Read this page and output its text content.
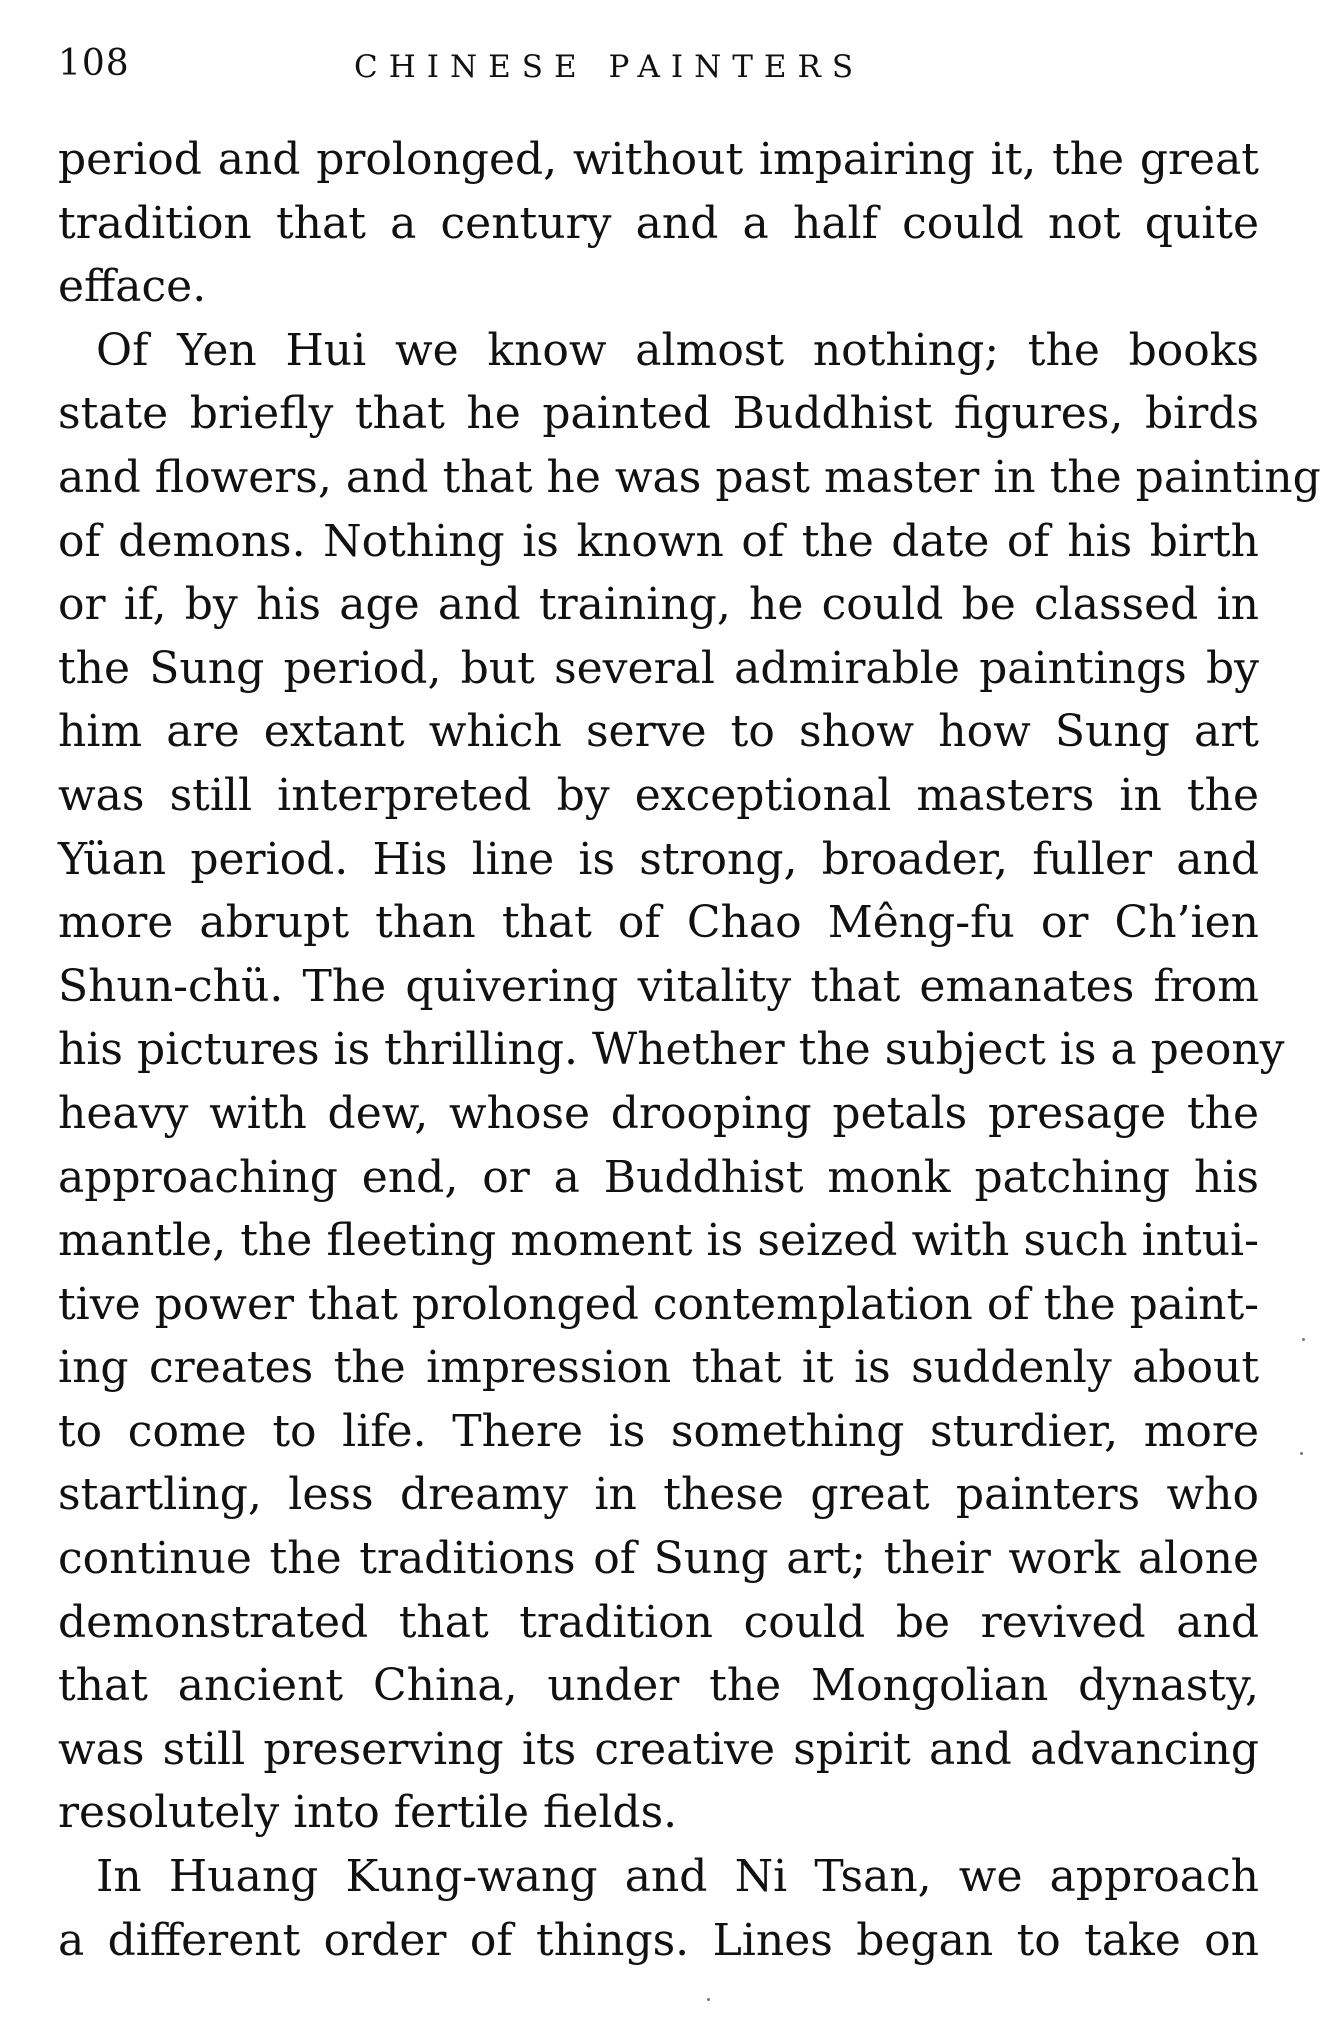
108	CHINESE PAINTERS
period and prolonged, without impairing it, the great
tradition that a century and a half could not quite
efface.
Of Yen Hui we know almost nothing; the books
state briefly that he painted Buddhist figures, birds
and flowers, and that he was past master in the painting
of demons. Nothing is known of the date of his birth
or if, by his age and training, he could be classed in
the Sung period, but several admirable paintings by
him are extant which serve to show how Sung art
was still interpreted by exceptional masters in the
Yüan period. His line is strong, broader, fuller and
more abrupt than that of Chao Mêng-fu or Ch’ien
Shun-chü. The quivering vitality that emanates from
his pictures is thrilling. Whether the subject is a peony
heavy with dew, whose drooping petals presage the
approaching end, or a Buddhist monk patching his
mantle, the fleeting moment is seized with such intui-
tive power that prolonged contemplation of the paint-
ing creates the impression that it is suddenly about
to come to life. There is something sturdier, more
startling, less dreamy in these great painters who
continue the traditions of Sung art; their work alone
demonstrated that tradition could be revived and
that ancient China, under the Mongolian dynasty,
was still preserving its creative spirit and advancing
resolutely into fertile fields.
In Huang Kung-wang and Ni Tsan, we approach
a different order of things. Lines began to take on
